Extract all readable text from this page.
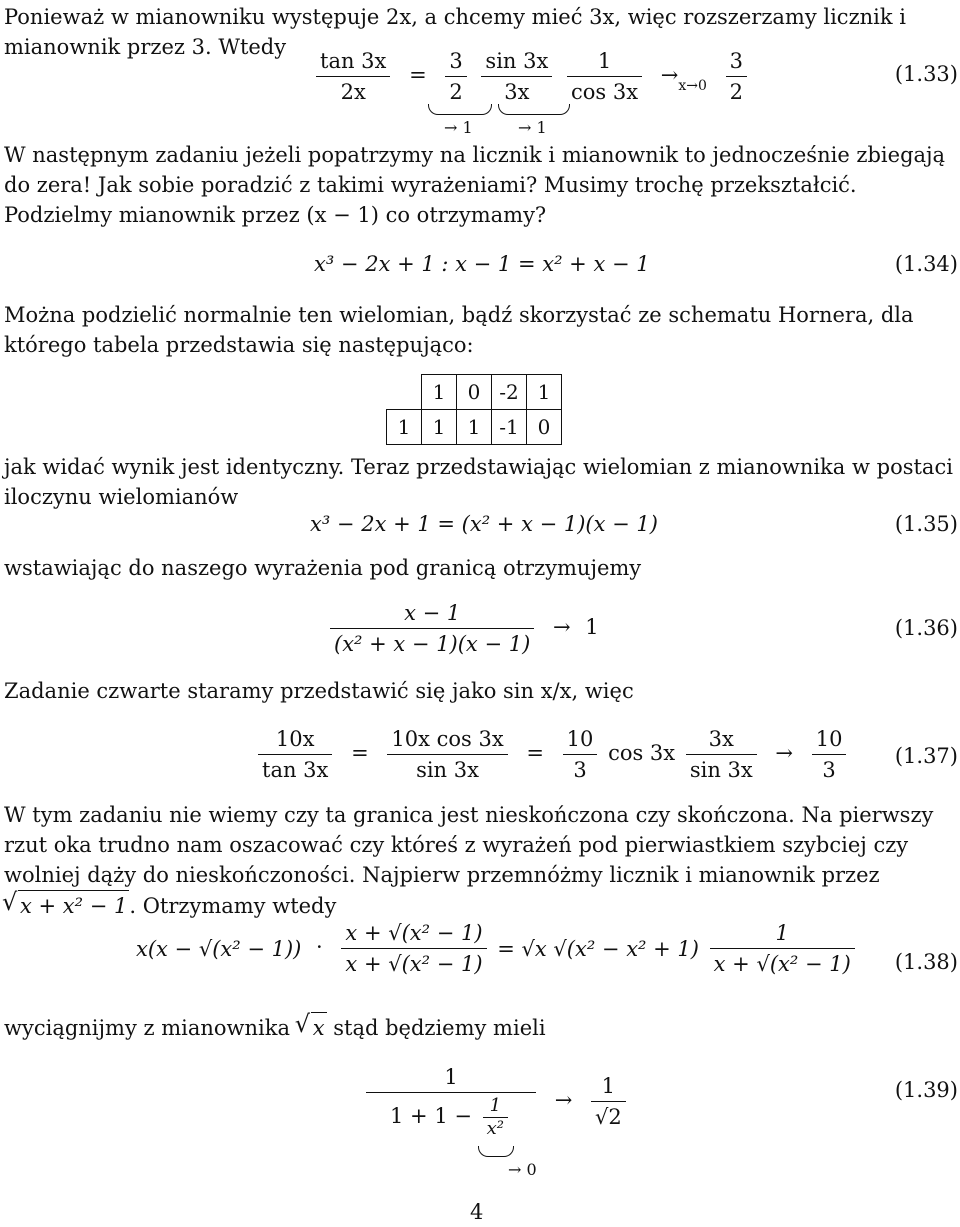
Ponieważ w mianowniku występuje 2x, a chcemy mieć 3x, więc rozszerzamy licznik i mianownik przez 3. Wtedy	$\frac{\tan 3x}{2x} = \frac{3}{2}$
$\frac{\sin 3x}{3x}$
$\frac{1}{\cos 3x} \to_{x\to 0} \frac{3}{2}$
→ 1	→ 1
(1.33)
W następnym zadaniu jeżeli popatrzymy na licznik i mianownik to jednocześnie zbiegają do zera! Jak sobie poradzić z takimi wyrażeniami? Musimy trochę przekształcić. Podzielmy mianownik przez (x − 1) co otrzymamy?
x³ − 2x + 1 : x − 1 = x² + x − 1	(1.34)
Można podzielić normalnie ten wielomian, bądź skorzystać ze schematu Hornera, dla którego tabela przedstawia się następująco:
	1	0	-2	1
1	1	1	-1	0
jak widać wynik jest identyczny. Teraz przedstawiając wielomian z mianownika w postaci iloczynu wielomianów
x³ − 2x + 1 = (x² + x − 1)(x − 1)	(1.35)
wstawiając do naszego wyrażenia pod granicą otrzymujemy
$\frac{x - 1}{\text{(x² + x − 1)(x − 1)}} \to 1$	(1.36)
Zadanie czwarte staramy przedstawić się jako sin x/x, więc
$\frac{10x}{\tan 3x} = \frac{\text{10x cos 3x}}{\sin 3x} = \frac{10}{3}$ $\cos 3x \frac{3x}{\sin 3x} \to \frac{10}{3} (1.37)$
W tym zadaniu nie wiemy czy ta granica jest nieskończona czy skończona. Na pierwszy rzut oka trudno nam oszacować czy któreś z wyrażeń pod pierwiastkiem szybciej czy wolniej dąży do nieskończoności. Najpierw przemnóżmy licznik i mianownik przez √ x + x² − 1. Otrzymamy wtedy
$x(x - √(x^2 - 1)) \cdot \frac{\text{x + √(x² − 1)}}{\text{x + √(x² − 1)}} = √x$ $√(x^2 - x^2 + 1) \frac{1}{\text{x + √(x² − 1)}} (1.38)$
wyciągnijmy z mianownika √ x stąd będziemy mieli
$\frac{1}{1 + 1 - \frac{1}{\text{x²}}} \to \frac{1}{√2}$
→ 0
(1.39)
4
